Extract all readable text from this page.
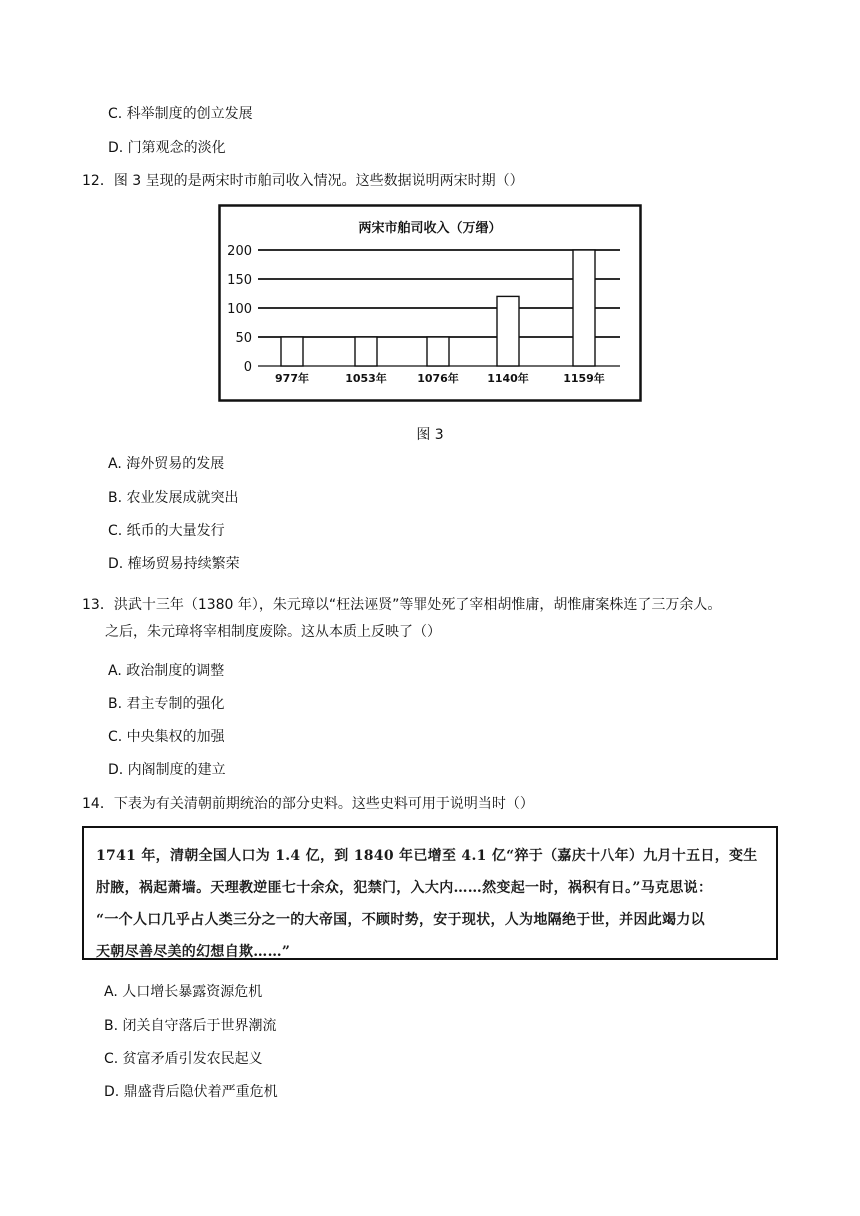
C. 科举制度的创立发展
D. 门第观念的淡化
12．图 3 呈现的是两宋时市舶司收入情况。这些数据说明两宋时期（）
两宋市舶司收入（万缗）
0
50
100
150
200
977年	1053年	1076年	1140年	1159年
图 3
A. 海外贸易的发展
B. 农业发展成就突出
C. 纸币的大量发行
D. 榷场贸易持续繁荣
13．洪武十三年（1380 年），朱元璋以“枉法诬贤”等罪处死了宰相胡惟庸，胡惟庸案株连了三万余人。
之后，朱元璋将宰相制度废除。这从本质上反映了（）
A. 政治制度的调整
B. 君主专制的强化
C. 中央集权的加强
D. 内阁制度的建立
14．下表为有关清朝前期统治的部分史料。这些史料可用于说明当时（）

1741 年，清朝全国人口为 1.4 亿，到 1840 年已增至 4.1 亿“猝于（嘉庆十八年）九月十五日，变生

肘腋，祸起萧墙。天理教逆匪七十余众，犯禁门，入大内……然变起一时，祸积有日。”马克思说：

“一个人口几乎占人类三分之一的大帝国，不顾时势，安于现状，人为地隔绝于世，并因此竭力以

天朝尽善尽美的幻想自欺……”

A. 人口增长暴露资源危机
B. 闭关自守落后于世界潮流
C. 贫富矛盾引发农民起义
D. 鼎盛背后隐伏着严重危机
